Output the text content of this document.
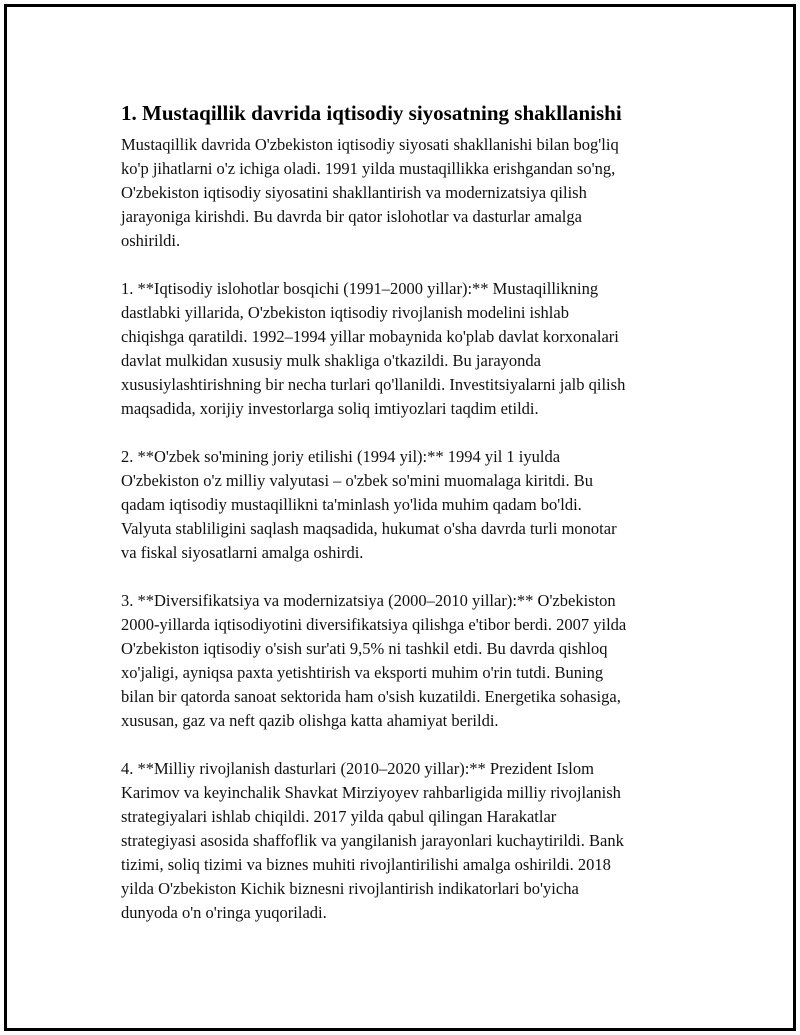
1. Mustaqillik davrida iqtisodiy siyosatning shakllanishi

Mustaqillik davrida O'zbekiston iqtisodiy siyosati shakllanishi bilan bog'liq
ko'p jihatlarni o'z ichiga oladi. 1991 yilda mustaqillikka erishgandan so'ng,
O'zbekiston iqtisodiy siyosatini shakllantirish va modernizatsiya qilish
jarayoniga kirishdi. Bu davrda bir qator islohotlar va dasturlar amalga
oshirildi.

1. **Iqtisodiy islohotlar bosqichi (1991–2000 yillar):** Mustaqillikning
dastlabki yillarida, O'zbekiston iqtisodiy rivojlanish modelini ishlab
chiqishga qaratildi. 1992–1994 yillar mobaynida ko'plab davlat korxonalari
davlat mulkidan xususiy mulk shakliga o'tkazildi. Bu jarayonda
xususiylashtirishning bir necha turlari qo'llanildi. Investitsiyalarni jalb qilish
maqsadida, xorijiy investorlarga soliq imtiyozlari taqdim etildi.

2. **O'zbek so'mining joriy etilishi (1994 yil):** 1994 yil 1 iyulda
O'zbekiston o'z milliy valyutasi – o'zbek so'mini muomalaga kiritdi. Bu
qadam iqtisodiy mustaqillikni ta'minlash yo'lida muhim qadam bo'ldi.
Valyuta stabliligini saqlash maqsadida, hukumat o'sha davrda turli monotar
va fiskal siyosatlarni amalga oshirdi.

3. **Diversifikatsiya va modernizatsiya (2000–2010 yillar):** O'zbekiston
2000-yillarda iqtisodiyotini diversifikatsiya qilishga e'tibor berdi. 2007 yilda
O'zbekiston iqtisodiy o'sish sur'ati 9,5% ni tashkil etdi. Bu davrda qishloq
xo'jaligi, ayniqsa paxta yetishtirish va eksporti muhim o'rin tutdi. Buning
bilan bir qatorda sanoat sektorida ham o'sish kuzatildi. Energetika sohasiga,
xususan, gaz va neft qazib olishga katta ahamiyat berildi.

4. **Milliy rivojlanish dasturlari (2010–2020 yillar):** Prezident Islom
Karimov va keyinchalik Shavkat Mirziyoyev rahbarligida milliy rivojlanish
strategiyalari ishlab chiqildi. 2017 yilda qabul qilingan Harakatlar
strategiyasi asosida shaffoflik va yangilanish jarayonlari kuchaytirildi. Bank
tizimi, soliq tizimi va biznes muhiti rivojlantirilishi amalga oshirildi. 2018
yilda O'zbekiston Kichik biznesni rivojlantirish indikatorlari bo'yicha
dunyoda o'n o'ringa yuqoriladi.
